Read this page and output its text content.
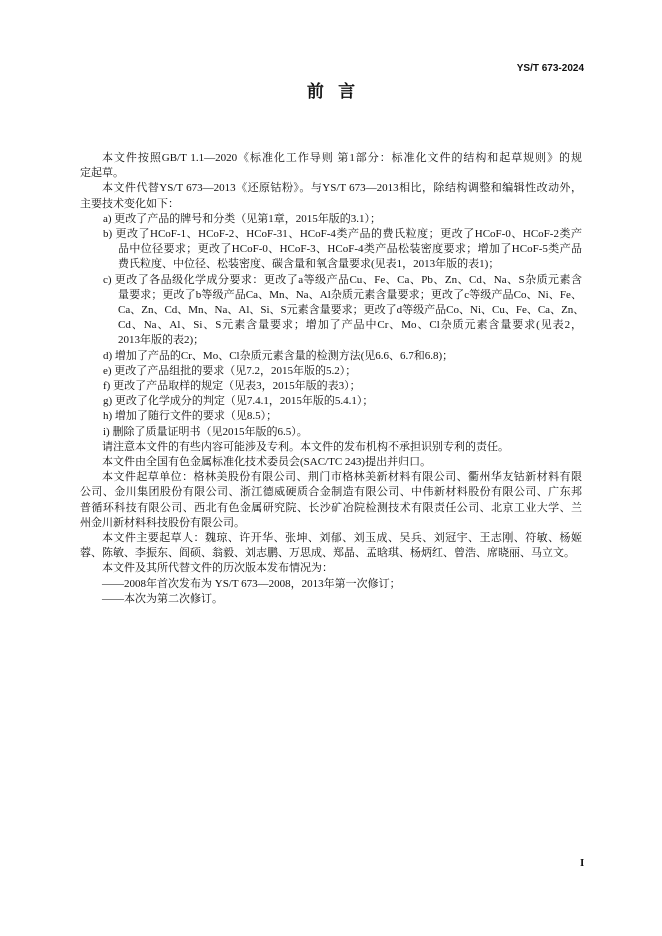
YS/T 673-2024
前 言
本文件按照GB/T 1.1—2020《标准化工作导则 第1部分：标准化文件的结构和起草规则》的规
定起草。
本文件代替YS/T 673—2013《还原钴粉》。与YS/T 673—2013相比，除结构调整和编辑性改动外，
主要技术变化如下：
a) 更改了产品的牌号和分类（见第1章，2015年版的3.1）；
b) 更改了HCoF-1、HCoF-2、HCoF-31、HCoF-4类产品的费氏粒度；更改了HCoF-0、HCoF-2类产
品中位径要求；更改了HCoF-0、HCoF-3、HCoF-4类产品松装密度要求；增加了HCoF-5类产品
费氏粒度、中位径、松装密度、碳含量和氧含量要求(见表1，2013年版的表1)；
c) 更改了各品级化学成分要求：更改了a等级产品Cu、Fe、Ca、Pb、Zn、Cd、Na、S杂质元素含
量要求；更改了b等级产品Ca、Mn、Na、Al杂质元素含量要求；更改了c等级产品Co、Ni、Fe、
Ca、Zn、Cd、Mn、Na、Al、Si、S元素含量要求；更改了d等级产品Co、Ni、Cu、Fe、Ca、Zn、
Cd、Na、Al、Si、S元素含量要求；增加了产品中Cr、Mo、Cl杂质元素含量要求(见表2，
2013年版的表2)；
d) 增加了产品的Cr、Mo、Cl杂质元素含量的检测方法(见6.6、6.7和6.8)；
e) 更改了产品组批的要求（见7.2，2015年版的5.2）；
f) 更改了产品取样的规定（见表3，2015年版的表3）；
g) 更改了化学成分的判定（见7.4.1，2015年版的5.4.1）；
h) 增加了随行文件的要求（见8.5）；
i) 删除了质量证明书（见2015年版的6.5）。
请注意本文件的有些内容可能涉及专利。本文件的发布机构不承担识别专利的责任。
本文件由全国有色金属标准化技术委员会(SAC/TC 243)提出并归口。
本文件起草单位：格林美股份有限公司、荆门市格林美新材料有限公司、衢州华友钴新材料有限
公司、金川集团股份有限公司、浙江德威硬质合金制造有限公司、中伟新材料股份有限公司、广东邦
普循环科技有限公司、西北有色金属研究院、长沙矿冶院检测技术有限责任公司、北京工业大学、兰
州金川新材料科技股份有限公司。
本文件主要起草人：魏琼、许开华、张坤、刘郁、刘玉成、吴兵、刘冠宇、王志刚、符敏、杨姬
蓉、陈敏、李振东、阎硕、翁毅、刘志鹏、万思成、郑晶、孟晗琪、杨炳红、曾浩、席晓丽、马立文。
本文件及其所代替文件的历次版本发布情况为：
——2008年首次发布为 YS/T 673—2008，2013年第一次修订；
——本次为第二次修订。
I
